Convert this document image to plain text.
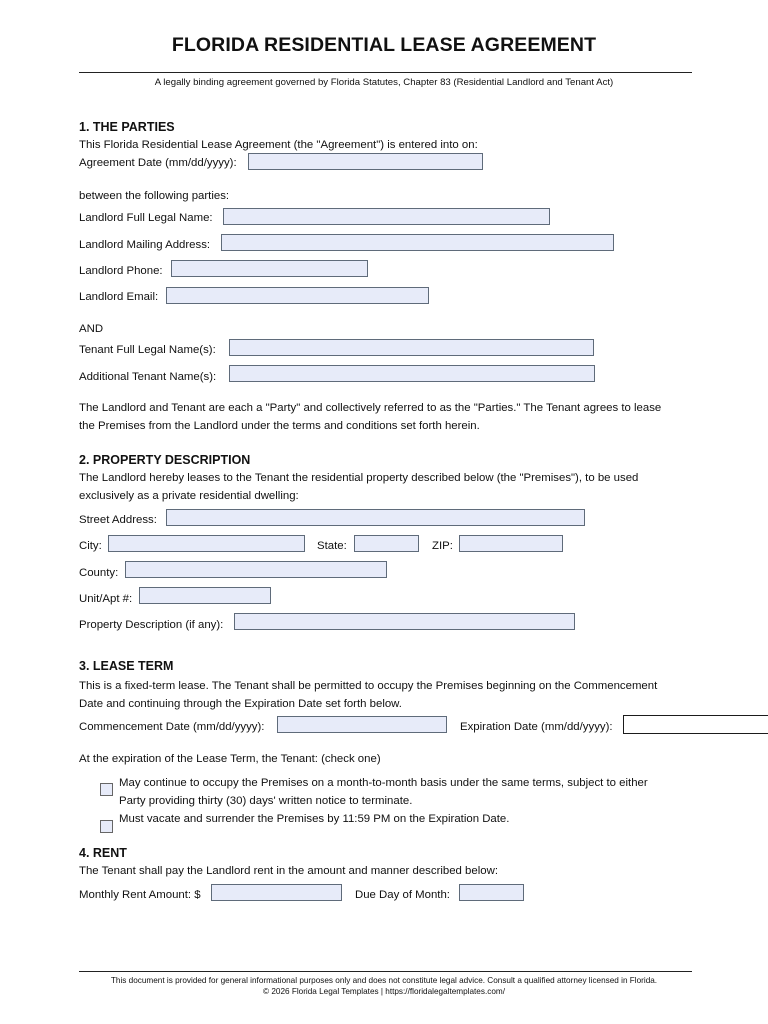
FLORIDA RESIDENTIAL LEASE AGREEMENT
A legally binding agreement governed by Florida Statutes, Chapter 83 (Residential Landlord and Tenant Act)
1. THE PARTIES
This Florida Residential Lease Agreement (the "Agreement") is entered into on:
Agreement Date (mm/dd/yyyy):
between the following parties:
Landlord Full Legal Name:
Landlord Mailing Address:
Landlord Phone:
Landlord Email:
AND
Tenant Full Legal Name(s):
Additional Tenant Name(s):
The Landlord and Tenant are each a "Party" and collectively referred to as the "Parties." The Tenant agrees to lease
the Premises from the Landlord under the terms and conditions set forth herein.
2. PROPERTY DESCRIPTION
The Landlord hereby leases to the Tenant the residential property described below (the "Premises"), to be used
exclusively as a private residential dwelling:
Street Address:
City:	State:	ZIP:
County:
Unit/Apt #:
Property Description (if any):
3. LEASE TERM
This is a fixed-term lease. The Tenant shall be permitted to occupy the Premises beginning on the Commencement
Date and continuing through the Expiration Date set forth below.
Commencement Date (mm/dd/yyyy):	Expiration Date (mm/dd/yyyy):
At the expiration of the Lease Term, the Tenant: (check one)
May continue to occupy the Premises on a month-to-month basis under the same terms, subject to either
Party providing thirty (30) days' written notice to terminate.
Must vacate and surrender the Premises by 11:59 PM on the Expiration Date.
4. RENT
The Tenant shall pay the Landlord rent in the amount and manner described below:
Monthly Rent Amount: $	Due Day of Month:
This document is provided for general informational purposes only and does not constitute legal advice. Consult a qualified attorney licensed in Florida.
© 2026 Florida Legal Templates | https://floridalegaltemplates.com/
